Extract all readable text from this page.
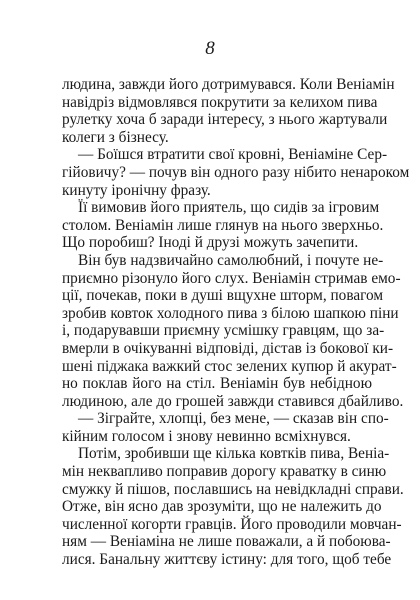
8

людина, завжди його дотримувався. Коли Веніамін
навідріз відмовлявся покрутити за келихом пива
рулетку хоча б заради інтересу, з нього жартували
колеги з бізнесу.

— Боїшся втратити свої кровні, Веніаміне Сер-
гійовичу? — почув він одного разу нібито ненароком
кинуту іронічну фразу.

Її вимовив його приятель, що сидів за ігровим
столом. Веніамін лише глянув на нього зверхньо.
Що поробиш? Іноді й друзі можуть зачепити.

Він був надзвичайно самолюбний, і почуте не-
приємно різонуло його слух. Веніамін стримав емо-
ції, почекав, поки в душі вщухне шторм, повагом
зробив ковток холодного пива з білою шапкою піни
і, подарувавши приємну усмішку гравцям, що за-
вмерли в очікуванні відповіді, дістав із бокової ки-
шені піджака важкий стос зелених купюр й акурат-
но поклав його на стіл. Веніамін був небідною
людиною, але до грошей завжди ставився дбайливо.

— Зіграйте, хлопці, без мене, — сказав він спо-
кійним голосом і знову невинно всміхнувся.

Потім, зробивши ще кілька ковтків пива, Веніа-
мін неквапливо поправив дорогу краватку в синю
смужку й пішов, пославшись на невідкладні справи.
Отже, він ясно дав зрозуміти, що не належить до
численної когорти гравців. Його проводили мовчан-
ням — Веніаміна не лише поважали, а й побоюва-
лися. Банальну життєву істину: для того, щоб тебе
